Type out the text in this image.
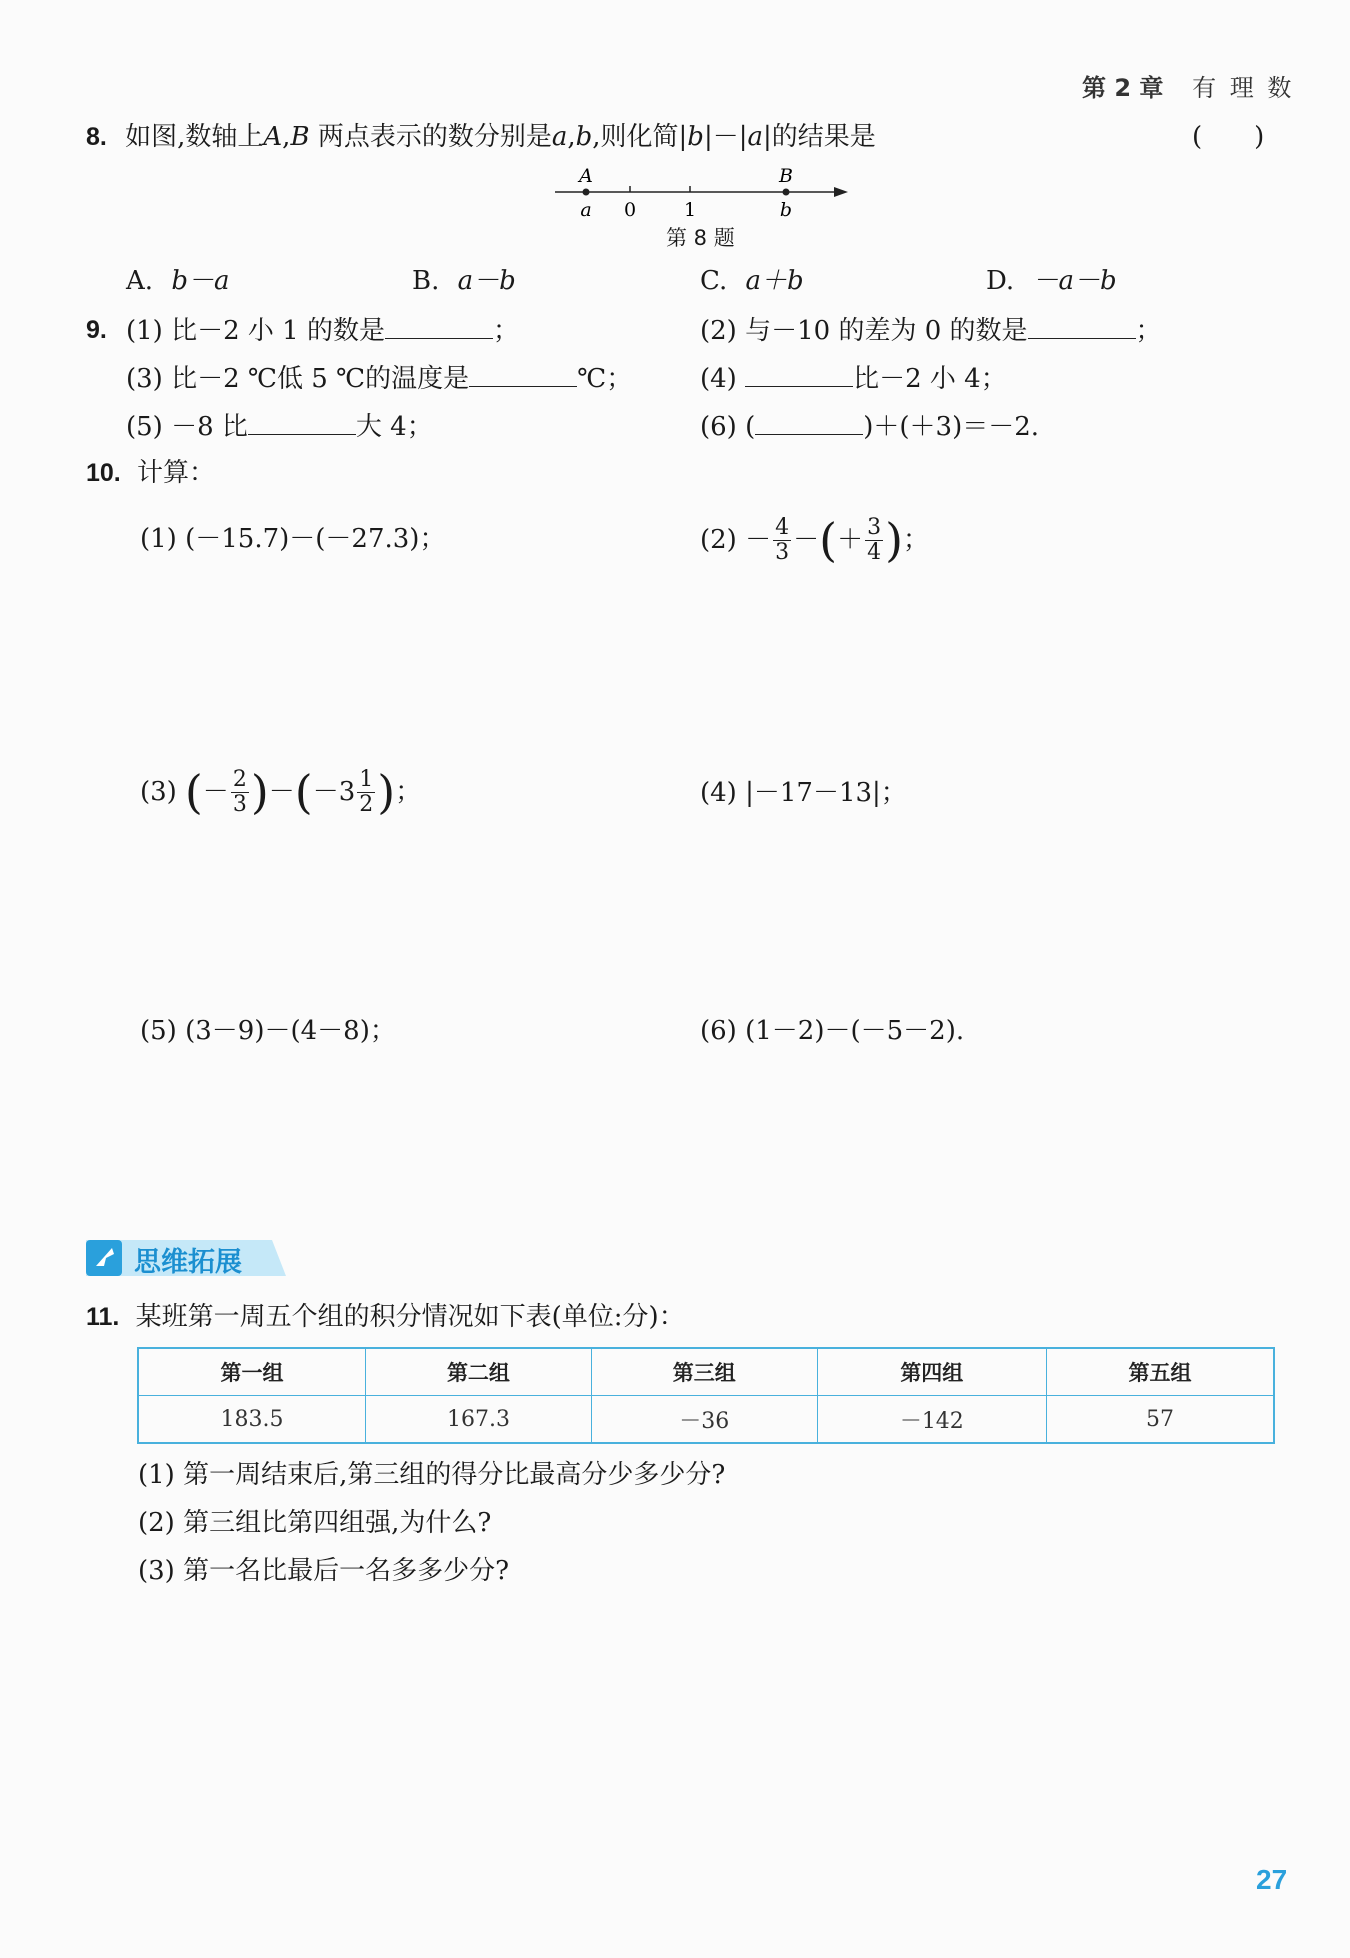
第 2 章 有 理 数
8. 如图,数轴上A,B 两点表示的数分别是a,b,则化简|b|－|a|的结果是	(　　)
A	B
a 0	1	b
第 8 题
A. b－a	B. a－b	C. a＋b	D. －a－b
9. (1) 比－2 小 1 的数是	；	(2) 与－10 的差为 0 的数是	；
(3) 比－2 ℃低 5 ℃的温度是	℃；	(4)	比－2 小 4；
(5) －8 比	大 4；	(6) (	)＋(＋3)＝－2.
10. 计算：
(1) (－15.7)－(－27.3)；	$(2) - \frac{4}{3}$ － ( ＋ $\frac{3}{4}$ ) ；
(3) ( － $\frac{2}{3}$ ) － ( $-3 \frac{1}{2}$ ) ；	(4) |－17－13|；
(5) (3－9)－(4－8)；	(6) (1－2)－(－5－2).
思维拓展
11. 某班第一周五个组的积分情况如下表(单位:分)：
第一组	第二组	第三组	第四组	第五组
183.5	167.3	－36	－142	57
(1) 第一周结束后,第三组的得分比最高分少多少分?
(2) 第三组比第四组强,为什么?
(3) 第一名比最后一名多多少分?
27
